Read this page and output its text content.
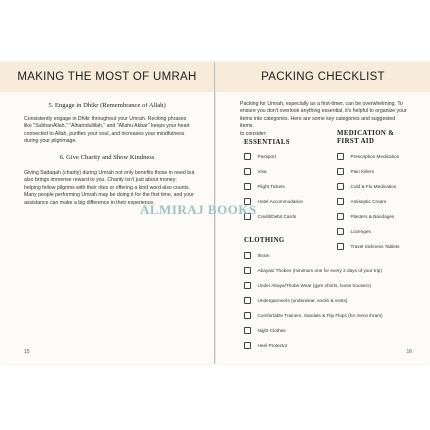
MAKING THE MOST OF UMRAH
5. Engage in Dhikr (Remembrance of Allah)
Consistently engage in Dhikr throughout your Umrah. Reciting phrases
like "SubhanAllah," "Alhamdulillah," and "Allahu Akbar" keeps your heart
connected to Allah, purifies your soul, and increases your mindfulness
during your pilgrimage.
6. Give Charity and Show Kindness
Giving Sadaqah (charity) during Umrah not only benefits those in need but
also brings immense reward to you. Charity isn't just about money;
helping fellow pilgrims with their rites or offering a kind word also counts.
Many people performing Umrah may be doing it for the first time, and your
assistance can make a big difference in their experience.
15
PACKING CHECKLIST
Packing for Umrah, especially as a first-timer, can be overwhelming. To
ensure you don't overlook anything essential, it's helpful to organize your
items into categories. Here are some key categories and suggested items
to consider:
ESSENTIALS
Passport
Visa
Flight Tickets
Hotel Accommodation
Credit/Debit Cards
MEDICATION &
FIRST AID
Prescription Medication
Pain Killers
Cold & Flu Medication
Antiseptic Cream
Plasters & Bandages
Lozenges
Travel Sickness Tablets
CLOTHING
Ihram
Abayas/ Thobes (minimum one for every 2 days of your trip)
Under Abaya/Thobe Wear (gym shorts, loose trousers)
Undergarments (underwear, socks & vests)
Comfortable Trainers, Sandals & Flip Flops (for mens ihram)
Night Clothes
Heel Protector
16
ALMIRAJ BOOKS
